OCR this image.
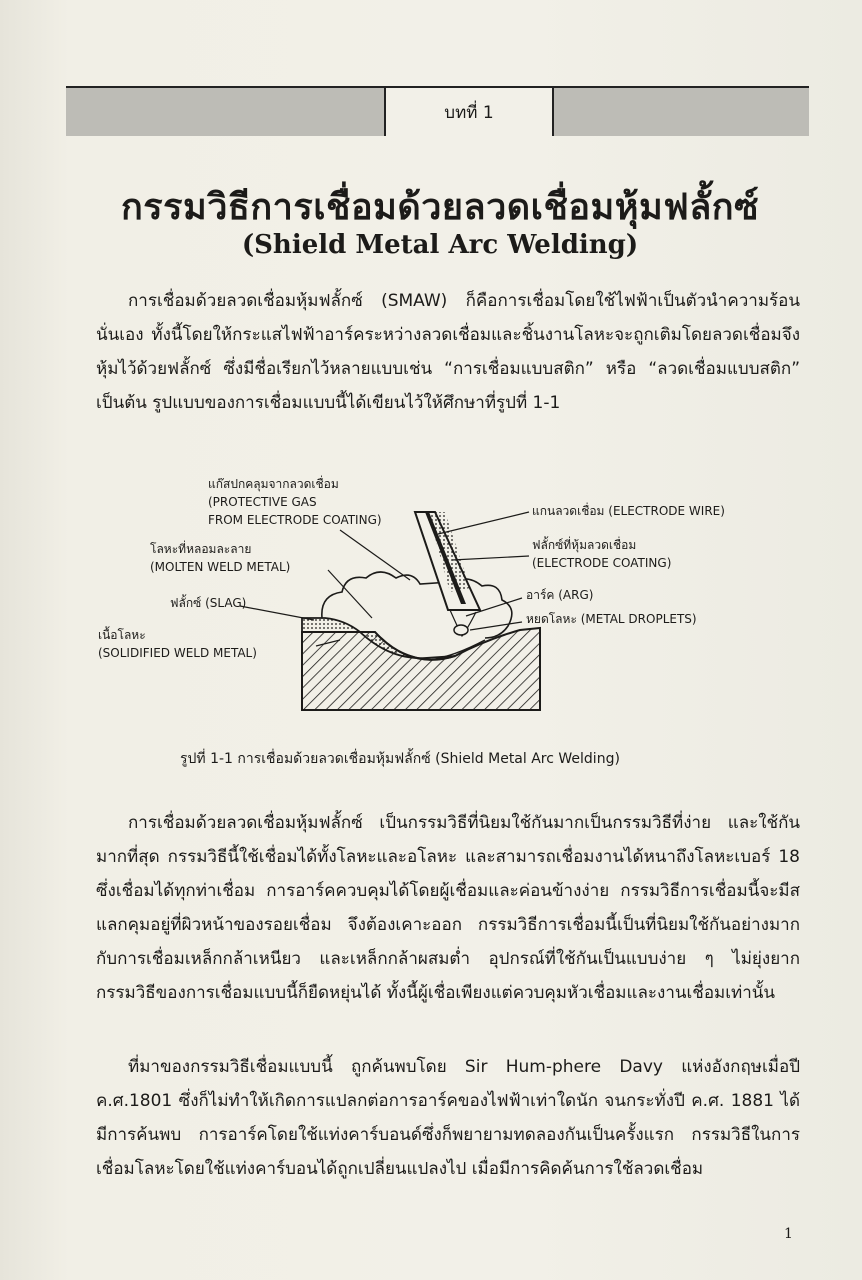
บทที่ 1
กรรมวิธีการเชื่อมด้วยลวดเชื่อมหุ้มฟลั้กซ์
(Shield Metal Arc Welding)
การเชื่อมด้วยลวดเชื่อมหุ้มฟลั้กซ์ (SMAW) ก็คือการเชื่อมโดยใช้ไฟฟ้าเป็นตัวนำความร้อนนั่นเอง ทั้งนี้โดยให้กระแสไฟฟ้าอาร์คระหว่างลวดเชื่อมและชิ้นงานโลหะจะถูกเติมโดยลวดเชื่อมจึงหุ้มไว้ด้วยฟลั้กซ์ ซึ่งมีชื่อเรียกไว้หลายแบบเช่น “การเชื่อมแบบสติก” หรือ “ลวดเชื่อมแบบสติก” เป็นต้น รูปแบบของการเชื่อมแบบนี้ได้เขียนไว้ให้ศึกษาที่รูปที่ 1-1
แก๊สปกคลุมจากลวดเชื่อม
(PROTECTIVE GAS
FROM ELECTRODE COATING)
โลหะที่หลอมละลาย
(MOLTEN WELD METAL)
ฟลั้กซ์ (SLAG)
เนื้อโลหะ
(SOLIDIFIED WELD METAL)
แกนลวดเชื่อม (ELECTRODE WIRE)
ฟลั้กซ์ที่หุ้มลวดเชื่อม
(ELECTRODE COATING)
อาร์ค (ARG)
หยดโลหะ (METAL DROPLETS)
รูปที่ 1-1 การเชื่อมด้วยลวดเชื่อมหุ้มฟลั้กซ์ (Shield Metal Arc Welding)
การเชื่อมด้วยลวดเชื่อมหุ้มฟลั้กซ์ เป็นกรรมวิธีที่นิยมใช้กันมากเป็นกรรมวิธีที่ง่าย และใช้กันมากที่สุด กรรมวิธีนี้ใช้เชื่อมได้ทั้งโลหะและอโลหะ และสามารถเชื่อมงานได้หนาถึงโลหะเบอร์ 18 ซึ่งเชื่อมได้ทุกท่าเชื่อม การอาร์คควบคุมได้โดยผู้เชื่อมและค่อนข้างง่าย กรรมวิธีการเชื่อมนี้จะมีสแลกคุมอยู่ที่ผิวหน้าของรอยเชื่อม จึงต้องเคาะออก กรรมวิธีการเชื่อมนี้เป็นที่นิยมใช้กันอย่างมากกับการเชื่อมเหล็กกล้าเหนียว และเหล็กกล้าผสมต่ำ อุปกรณ์ที่ใช้กันเป็นแบบง่าย ๆ ไม่ยุ่งยาก กรรมวิธีของการเชื่อมแบบนี้ก็ยืดหยุ่นได้ ทั้งนี้ผู้เชื่อเพียงแต่ควบคุมหัวเชื่อมและงานเชื่อมเท่านั้น
ที่มาของกรรมวิธีเชื่อมแบบนี้ ถูกค้นพบโดย Sir Hum-phere Davy แห่งอังกฤษเมื่อปี ค.ศ.1801 ซึ่งก็ไม่ทำให้เกิดการแปลกต่อการอาร์คของไฟฟ้าเท่าใดนัก จนกระทั่งปี ค.ศ. 1881 ได้มีการค้นพบ การอาร์คโดยใช้แท่งคาร์บอนด์ซึ่งก็พยายามทดลองกันเป็นครั้งแรก กรรมวิธีในการเชื่อมโลหะโดยใช้แท่งคาร์บอนได้ถูกเปลี่ยนแปลงไป เมื่อมีการคิดค้นการใช้ลวดเชื่อม
1
